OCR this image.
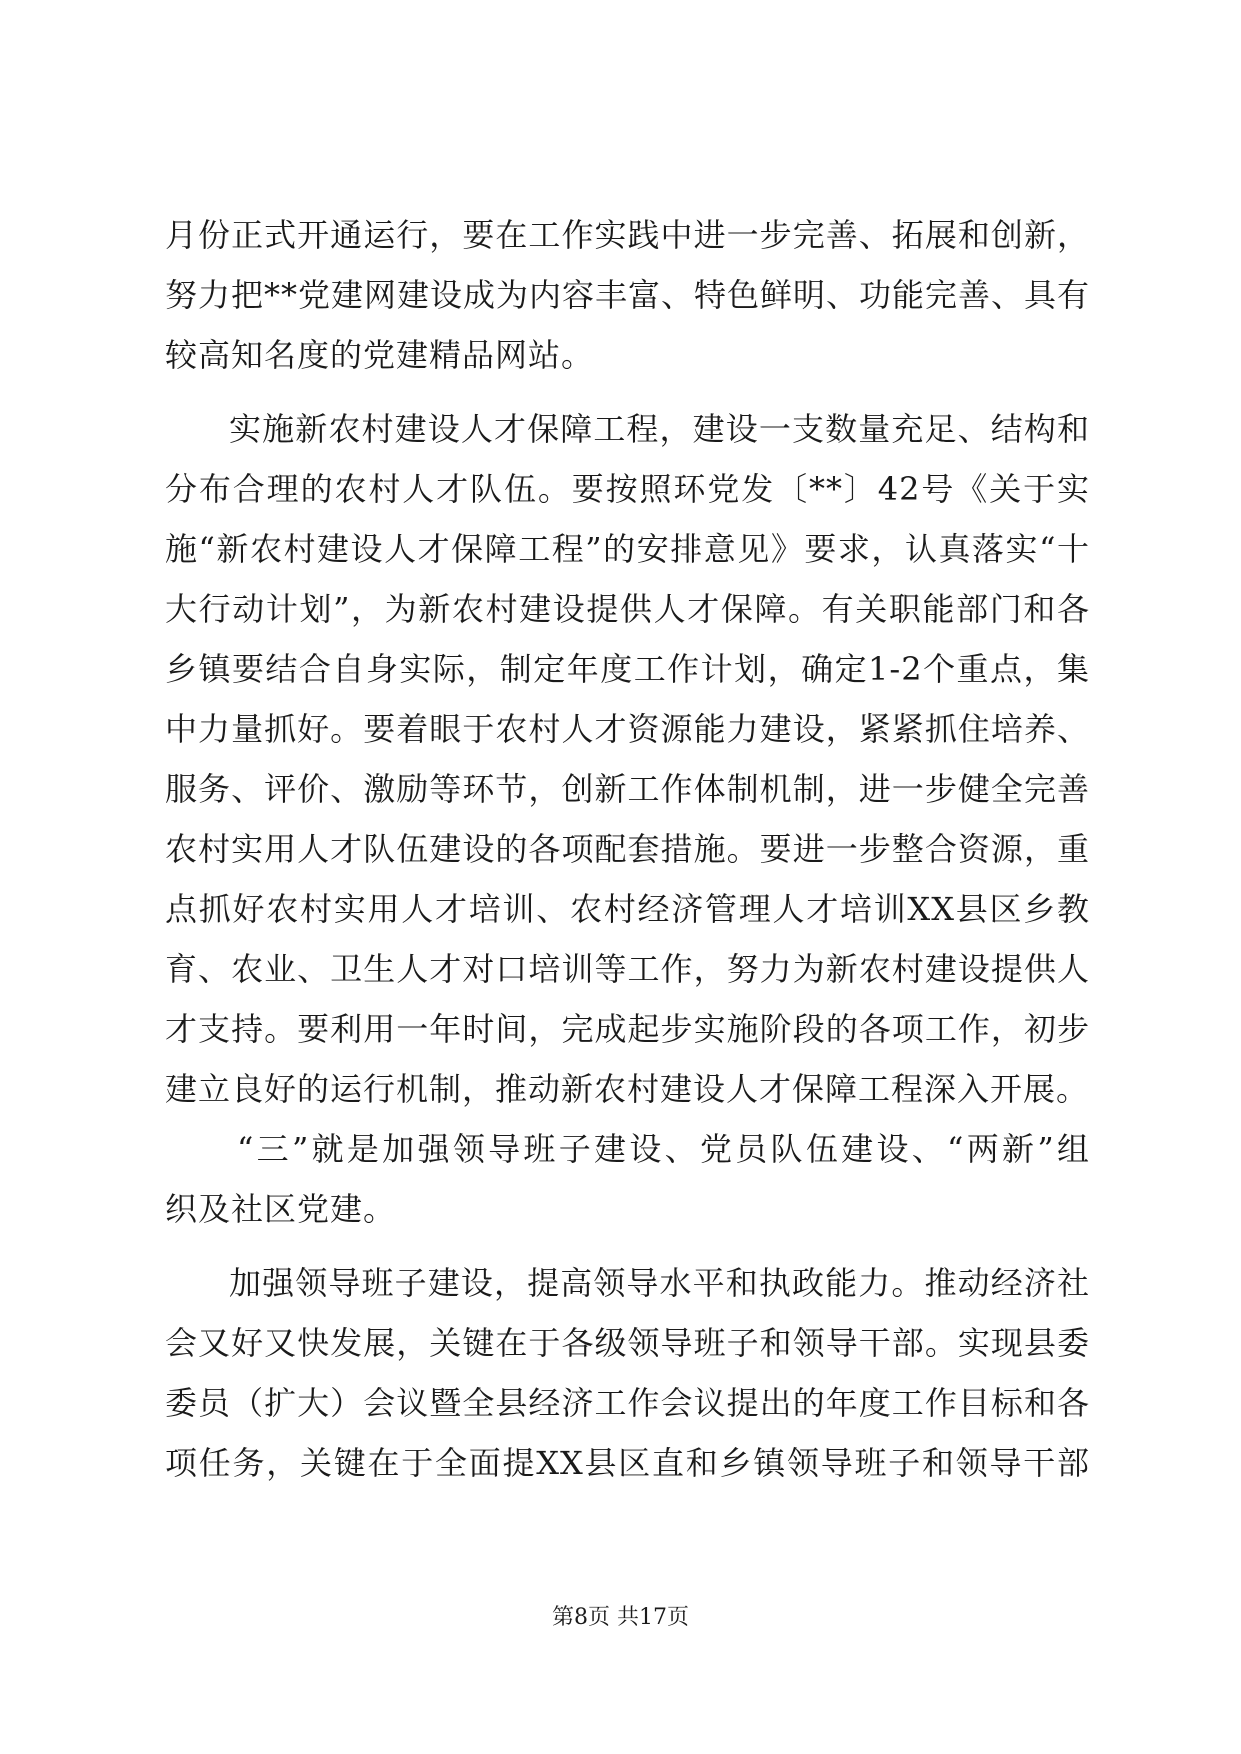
月份正式开通运行，要在工作实践中进一步完善、拓展和创新，
努力把**党建网建设成为内容丰富、特色鲜明、功能完善、具有
较高知名度的党建精品网站。
实施新农村建设人才保障工程，建设一支数量充足、结构和
分布合理的农村人才队伍。要按照环党发〔**〕42号《关于实
施“新农村建设人才保障工程”的安排意见》要求，认真落实“十
大行动计划”，为新农村建设提供人才保障。有关职能部门和各
乡镇要结合自身实际，制定年度工作计划，确定1-2个重点，集
中力量抓好。要着眼于农村人才资源能力建设，紧紧抓住培养、
服务、评价、激励等环节，创新工作体制机制，进一步健全完善
农村实用人才队伍建设的各项配套措施。要进一步整合资源，重
点抓好农村实用人才培训、农村经济管理人才培训XX县区乡教
育、农业、卫生人才对口培训等工作，努力为新农村建设提供人
才支持。要利用一年时间，完成起步实施阶段的各项工作，初步
建立良好的运行机制，推动新农村建设人才保障工程深入开展。
“三”就是加强领导班子建设、党员队伍建设、“两新”组
织及社区党建。
加强领导班子建设，提高领导水平和执政能力。推动经济社
会又好又快发展，关键在于各级领导班子和领导干部。实现县委
委员（扩大）会议暨全县经济工作会议提出的年度工作目标和各
项任务，关键在于全面提XX县区直和乡镇领导班子和领导干部
第8页 共17页
